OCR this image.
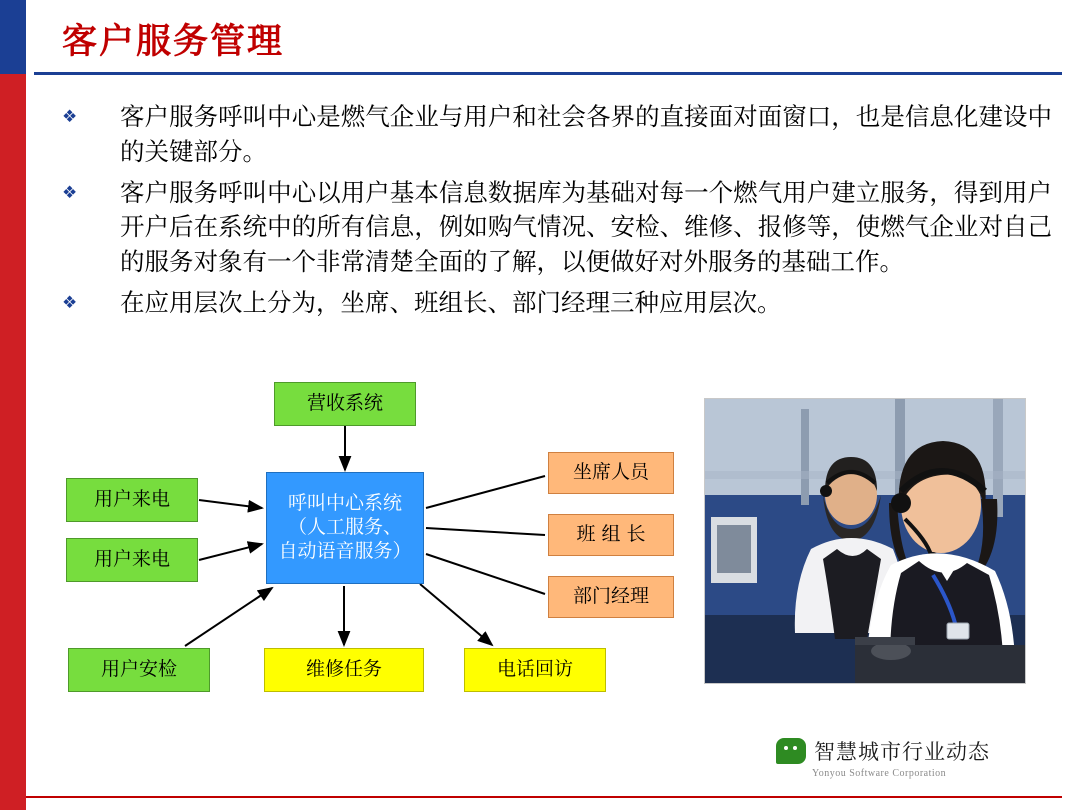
客户服务管理
❖	客户服务呼叫中心是燃气企业与用户和社会各界的直接面对面窗口，也是信息化建设中的关键部分。
❖	客户服务呼叫中心以用户基本信息数据库为基础对每一个燃气用户建立服务，得到用户开户后在系统中的所有信息，例如购气情况、安检、维修、报修等，使燃气企业对自己的服务对象有一个非常清楚全面的了解，以便做好对外服务的基础工作。
❖	在应用层次上分为，坐席、班组长、部门经理三种应用层次。
营收系统
用户来电
用户来电
呼叫中心系统
（人工服务、
自动语音服务）
坐席人员
班 组 长
部门经理
用户安检	维修任务	电话回访
智慧城市行业动态
Yonyou Software Corporation
